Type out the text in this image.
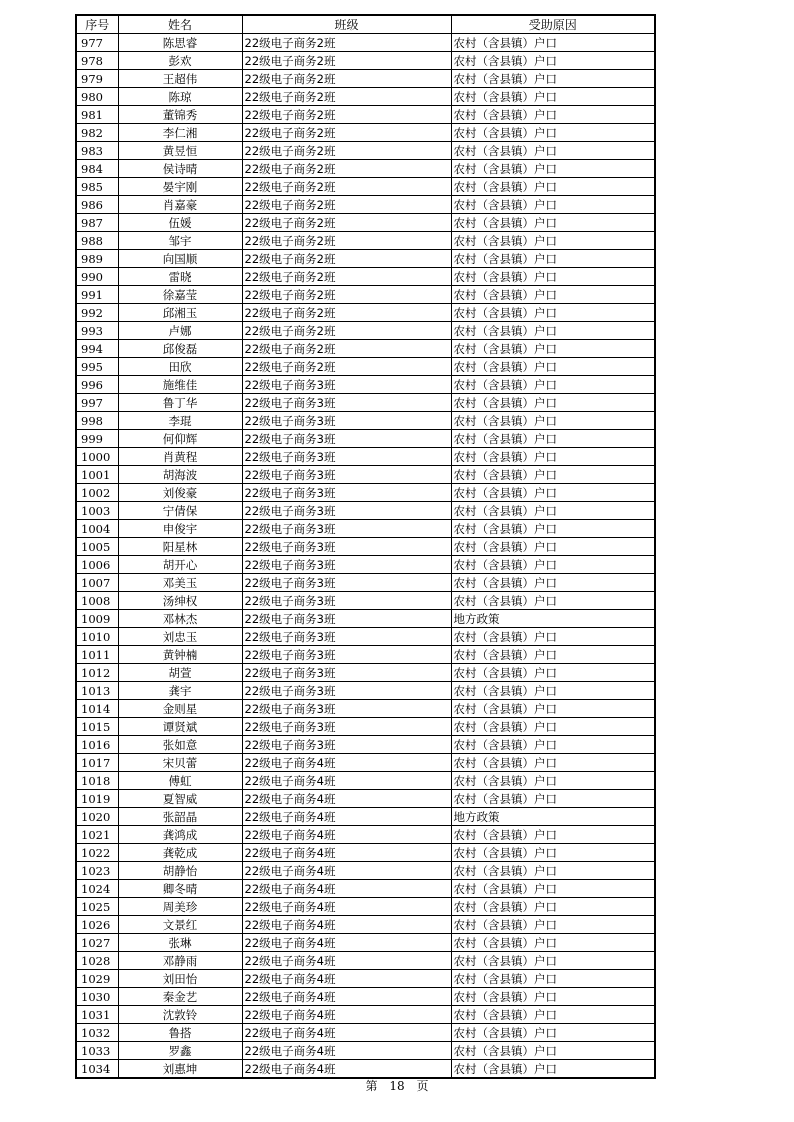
序号	姓名	班级	受助原因
977	陈思睿	22级电子商务2班	农村（含县镇）户口
978	彭欢	22级电子商务2班	农村（含县镇）户口
979	王超伟	22级电子商务2班	农村（含县镇）户口
980	陈琼	22级电子商务2班	农村（含县镇）户口
981	董锦秀	22级电子商务2班	农村（含县镇）户口
982	李仁湘	22级电子商务2班	农村（含县镇）户口
983	黄昱恒	22级电子商务2班	农村（含县镇）户口
984	侯诗晴	22级电子商务2班	农村（含县镇）户口
985	晏宇刚	22级电子商务2班	农村（含县镇）户口
986	肖嘉豪	22级电子商务2班	农村（含县镇）户口
987	伍媛	22级电子商务2班	农村（含县镇）户口
988	邹宇	22级电子商务2班	农村（含县镇）户口
989	向国顺	22级电子商务2班	农村（含县镇）户口
990	雷晓	22级电子商务2班	农村（含县镇）户口
991	徐嘉莹	22级电子商务2班	农村（含县镇）户口
992	邱湘玉	22级电子商务2班	农村（含县镇）户口
993	卢娜	22级电子商务2班	农村（含县镇）户口
994	邱俊磊	22级电子商务2班	农村（含县镇）户口
995	田欣	22级电子商务2班	农村（含县镇）户口
996	施维佳	22级电子商务3班	农村（含县镇）户口
997	鲁丁华	22级电子商务3班	农村（含县镇）户口
998	李琨	22级电子商务3班	农村（含县镇）户口
999	何仰辉	22级电子商务3班	农村（含县镇）户口
1000	肖黄程	22级电子商务3班	农村（含县镇）户口
1001	胡海波	22级电子商务3班	农村（含县镇）户口
1002	刘俊豪	22级电子商务3班	农村（含县镇）户口
1003	宁倩保	22级电子商务3班	农村（含县镇）户口
1004	申俊宇	22级电子商务3班	农村（含县镇）户口
1005	阳星林	22级电子商务3班	农村（含县镇）户口
1006	胡开心	22级电子商务3班	农村（含县镇）户口
1007	邓美玉	22级电子商务3班	农村（含县镇）户口
1008	汤绅权	22级电子商务3班	农村（含县镇）户口
1009	邓林杰	22级电子商务3班	地方政策
1010	刘忠玉	22级电子商务3班	农村（含县镇）户口
1011	黄钟楠	22级电子商务3班	农村（含县镇）户口
1012	胡萱	22级电子商务3班	农村（含县镇）户口
1013	龚宇	22级电子商务3班	农村（含县镇）户口
1014	金则星	22级电子商务3班	农村（含县镇）户口
1015	谭贤斌	22级电子商务3班	农村（含县镇）户口
1016	张如意	22级电子商务3班	农村（含县镇）户口
1017	宋贝蕾	22级电子商务4班	农村（含县镇）户口
1018	傅虹	22级电子商务4班	农村（含县镇）户口
1019	夏智威	22级电子商务4班	农村（含县镇）户口
1020	张韶晶	22级电子商务4班	地方政策
1021	龚鸿成	22级电子商务4班	农村（含县镇）户口
1022	龚乾成	22级电子商务4班	农村（含县镇）户口
1023	胡静怡	22级电子商务4班	农村（含县镇）户口
1024	卿冬晴	22级电子商务4班	农村（含县镇）户口
1025	周美珍	22级电子商务4班	农村（含县镇）户口
1026	文景红	22级电子商务4班	农村（含县镇）户口
1027	张琳	22级电子商务4班	农村（含县镇）户口
1028	邓静雨	22级电子商务4班	农村（含县镇）户口
1029	刘田怡	22级电子商务4班	农村（含县镇）户口
1030	秦金艺	22级电子商务4班	农村（含县镇）户口
1031	沈敦铃	22级电子商务4班	农村（含县镇）户口
1032	鲁搭	22级电子商务4班	农村（含县镇）户口
1033	罗鑫	22级电子商务4班	农村（含县镇）户口
1034	刘惠坤	22级电子商务4班	农村（含县镇）户口
第 18 页
